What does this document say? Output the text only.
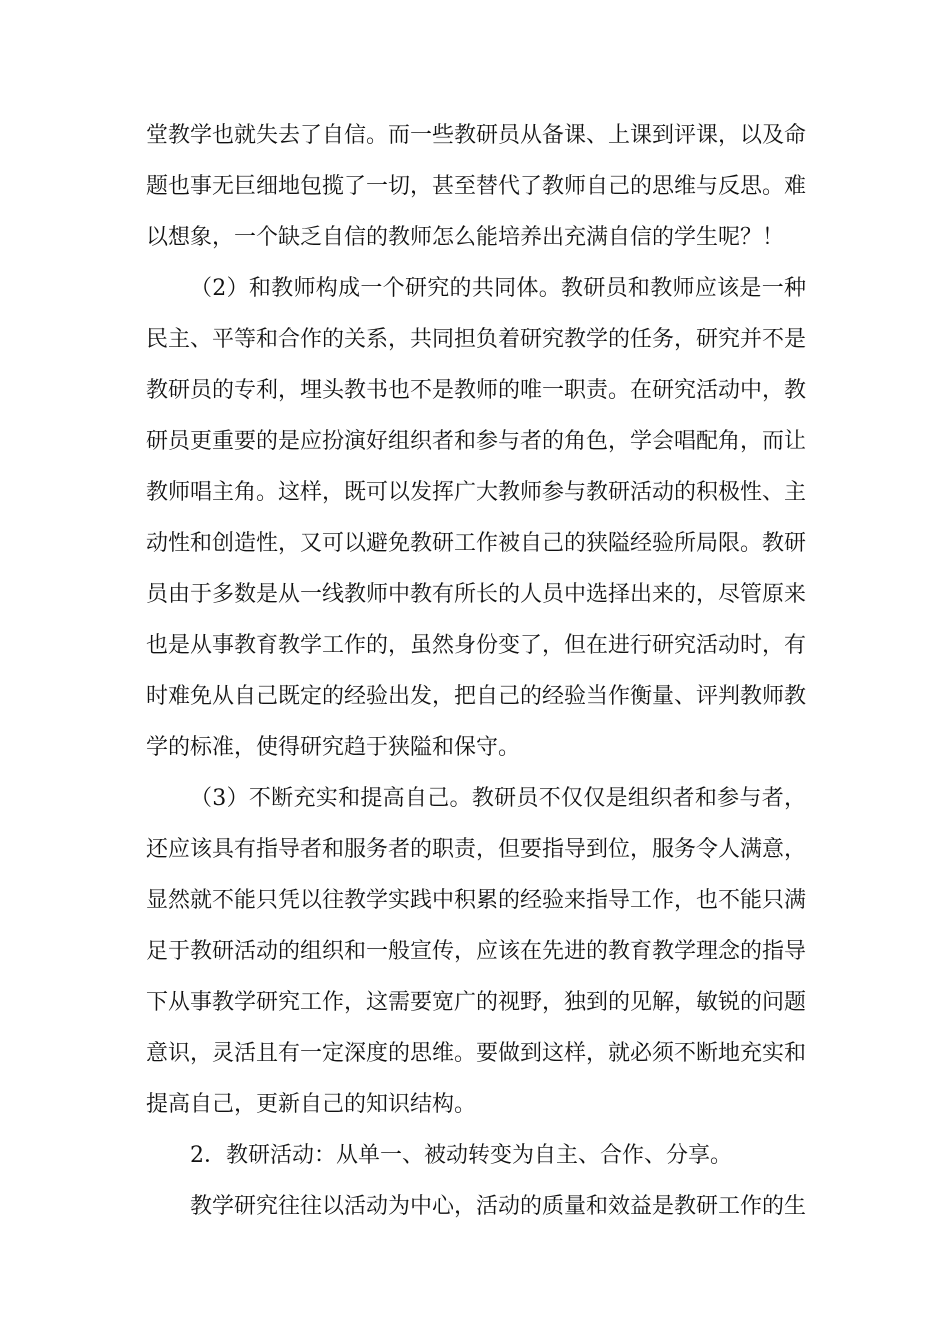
堂教学也就失去了自信。而一些教研员从备课、上课到评课，以及命
题也事无巨细地包揽了一切，甚至替代了教师自己的思维与反思。难
以想象，一个缺乏自信的教师怎么能培养出充满自信的学生呢？！
（2）和教师构成一个研究的共同体。教研员和教师应该是一种
民主、平等和合作的关系，共同担负着研究教学的任务，研究并不是
教研员的专利，埋头教书也不是教师的唯一职责。在研究活动中，教
研员更重要的是应扮演好组织者和参与者的角色，学会唱配角，而让
教师唱主角。这样，既可以发挥广大教师参与教研活动的积极性、主
动性和创造性，又可以避免教研工作被自己的狭隘经验所局限。教研
员由于多数是从一线教师中教有所长的人员中选择出来的，尽管原来
也是从事教育教学工作的，虽然身份变了，但在进行研究活动时，有
时难免从自己既定的经验出发，把自己的经验当作衡量、评判教师教
学的标准，使得研究趋于狭隘和保守。
（3）不断充实和提高自己。教研员不仅仅是组织者和参与者，
还应该具有指导者和服务者的职责，但要指导到位，服务令人满意，
显然就不能只凭以往教学实践中积累的经验来指导工作，也不能只满
足于教研活动的组织和一般宣传，应该在先进的教育教学理念的指导
下从事教学研究工作，这需要宽广的视野，独到的见解，敏锐的问题
意识，灵活且有一定深度的思维。要做到这样，就必须不断地充实和
提高自己，更新自己的知识结构。
2．教研活动：从单一、被动转变为自主、合作、分享。
教学研究往往以活动为中心，活动的质量和效益是教研工作的生
